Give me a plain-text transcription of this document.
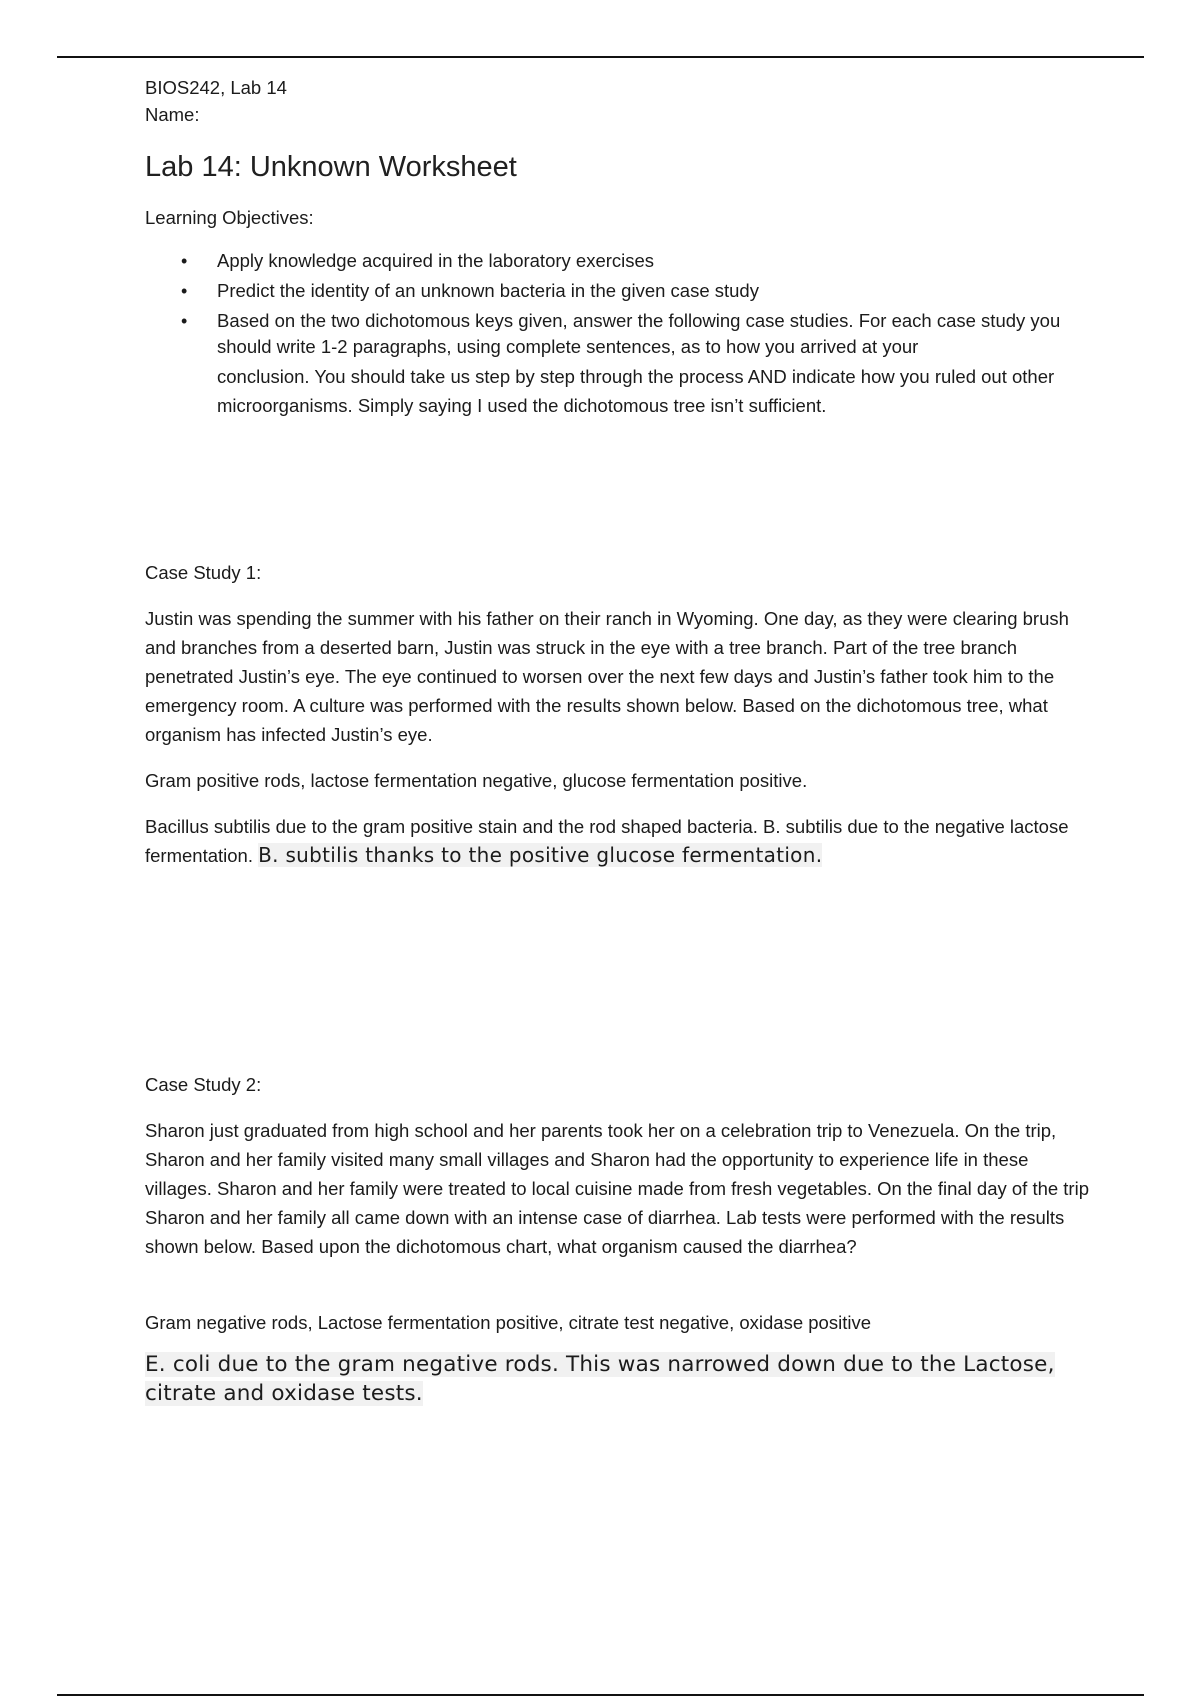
BIOS242, Lab 14

Name:

Lab 14: Unknown Worksheet

Learning Objectives:

• Apply knowledge acquired in the laboratory exercises
• Predict the identity of an unknown bacteria in the given case study
• Based on the two dichotomous keys given, answer the following case studies. For each case study you should write 1-2 paragraphs, using complete sentences, as to how you arrived at your
conclusion. You should take us step by step through the process AND indicate how you ruled out other microorganisms. Simply saying I used the dichotomous tree isn’t sufficient.

Case Study 1:

Justin was spending the summer with his father on their ranch in Wyoming. One day, as they were clearing brush and branches from a deserted barn, Justin was struck in the eye with a tree branch. Part of the tree branch penetrated Justin’s eye. The eye continued to worsen over the next few days and Justin’s father took him to the emergency room. A culture was performed with the results shown below. Based on the dichotomous tree, what organism has infected Justin’s eye.

Gram positive rods, lactose fermentation negative, glucose fermentation positive.

Bacillus subtilis due to the gram positive stain and the rod shaped bacteria. B. subtilis due to the negative lactose fermentation. B. subtilis thanks to the positive glucose fermentation.

Case Study 2:

Sharon just graduated from high school and her parents took her on a celebration trip to Venezuela. On the trip, Sharon and her family visited many small villages and Sharon had the opportunity to experience life in these villages. Sharon and her family were treated to local cuisine made from fresh vegetables. On the final day of the trip Sharon and her family all came down with an intense case of diarrhea. Lab tests were performed with the results shown below. Based upon the dichotomous chart, what organism caused the diarrhea?

Gram negative rods, Lactose fermentation positive, citrate test negative, oxidase positive

E. coli due to the gram negative rods. This was narrowed down due to the Lactose, citrate and oxidase tests.
